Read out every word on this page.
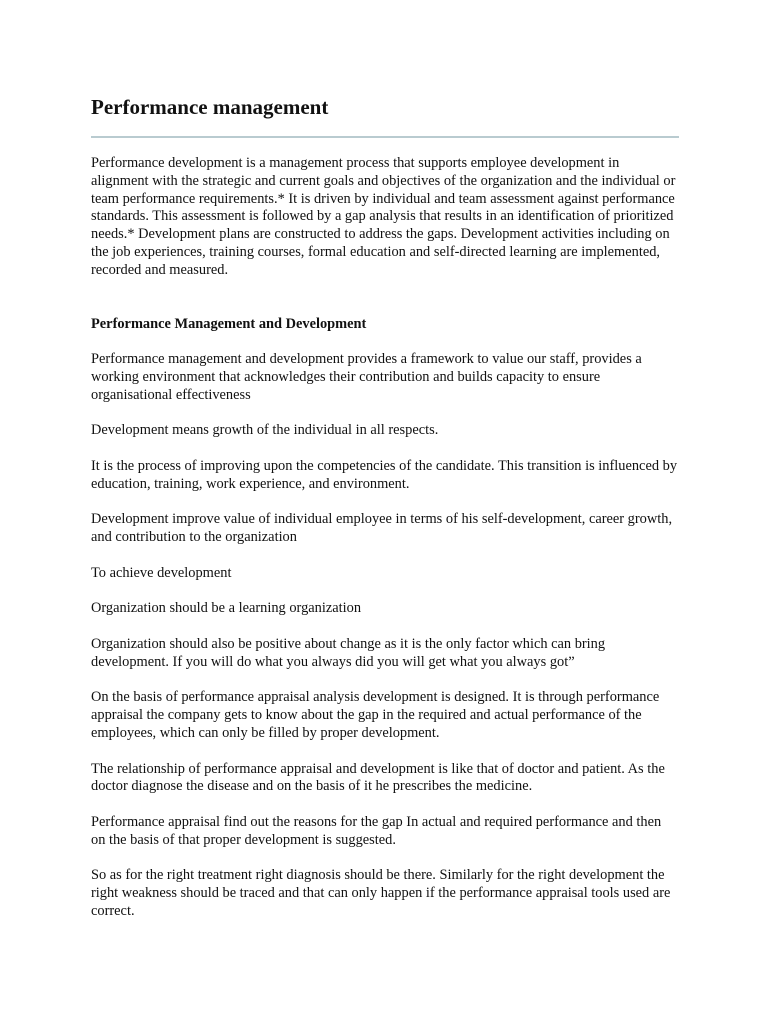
Performance management

Performance development is a management process that supports employee development in alignment with the strategic and current goals and objectives of the organization and the individual or team performance requirements.* It is driven by individual and team assessment against performance standards. This assessment is followed by a gap analysis that results in an identification of prioritized needs.* Development plans are constructed to address the gaps. Development activities including on the job experiences, training courses, formal education and self-directed learning are implemented, recorded and measured.

Performance Management and Development

Performance management and development provides a framework to value our staff, provides a working environment that acknowledges their contribution and builds capacity to ensure organisational effectiveness

Development means growth of the individual in all respects.

It is the process of improving upon the competencies of the candidate. This transition is influenced by education, training, work experience, and environment.

Development improve value of individual employee in terms of his self-development, career growth, and contribution to the organization

To achieve development

Organization should be a learning organization

Organization should also be positive about change as it is the only factor which can bring development. If you will do what you always did you will get what you always got”

On the basis of performance appraisal analysis development is designed. It is through performance appraisal the company gets to know about the gap in the required and actual performance of the employees, which can only be filled by proper development.

The relationship of performance appraisal and development is like that of doctor and patient. As the doctor diagnose the disease and on the basis of it he prescribes the medicine.

Performance appraisal find out the reasons for the gap In actual and required performance and then on the basis of that proper development is suggested.

So as for the right treatment right diagnosis should be there. Similarly for the right development the right weakness should be traced and that can only happen if the performance appraisal tools used are correct.
